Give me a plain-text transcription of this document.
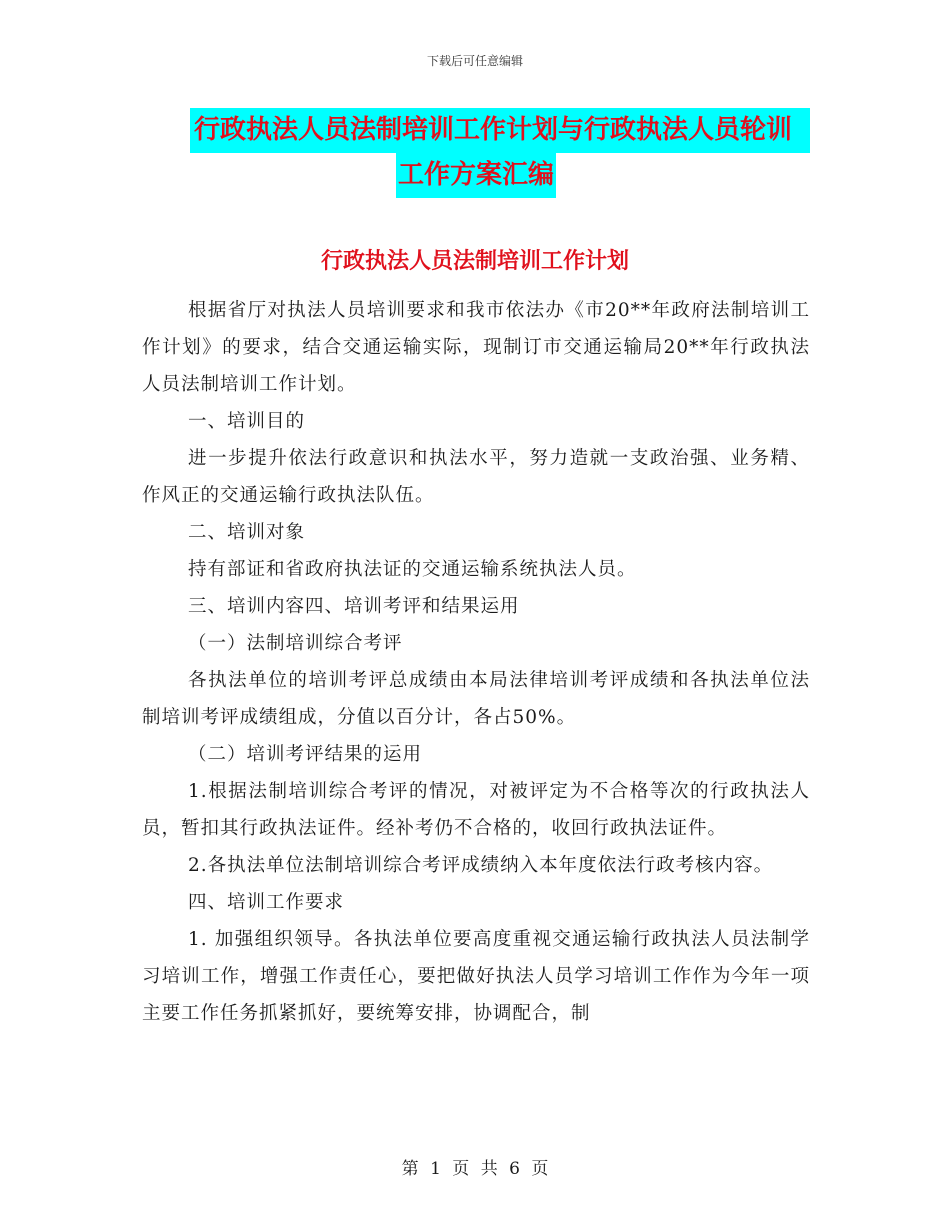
下载后可任意编辑
行政执法人员法制培训工作计划与行政执法人员轮训
工作方案汇编
行政执法人员法制培训工作计划

根据省厅对执法人员培训要求和我市依法办《市20**年政府法制培训工作计划》的要求，结合交通运输实际，现制订市交通运输局20**年行政执法人员法制培训工作计划。

一、培训目的

进一步提升依法行政意识和执法水平，努力造就一支政治强、业务精、作风正的交通运输行政执法队伍。

二、培训对象

持有部证和省政府执法证的交通运输系统执法人员。

三、培训内容四、培训考评和结果运用

（一）法制培训综合考评

各执法单位的培训考评总成绩由本局法律培训考评成绩和各执法单位法制培训考评成绩组成，分值以百分计，各占50%。

（二）培训考评结果的运用

1.根据法制培训综合考评的情况，对被评定为不合格等次的行政执法人员，暂扣其行政执法证件。经补考仍不合格的，收回行政执法证件。

2.各执法单位法制培训综合考评成绩纳入本年度依法行政考核内容。

四、培训工作要求

1. 加强组织领导。各执法单位要高度重视交通运输行政执法人员法制学习培训工作，增强工作责任心，要把做好执法人员学习培训工作作为今年一项主要工作任务抓紧抓好，要统筹安排，协调配合，制

第 1 页 共 6 页
